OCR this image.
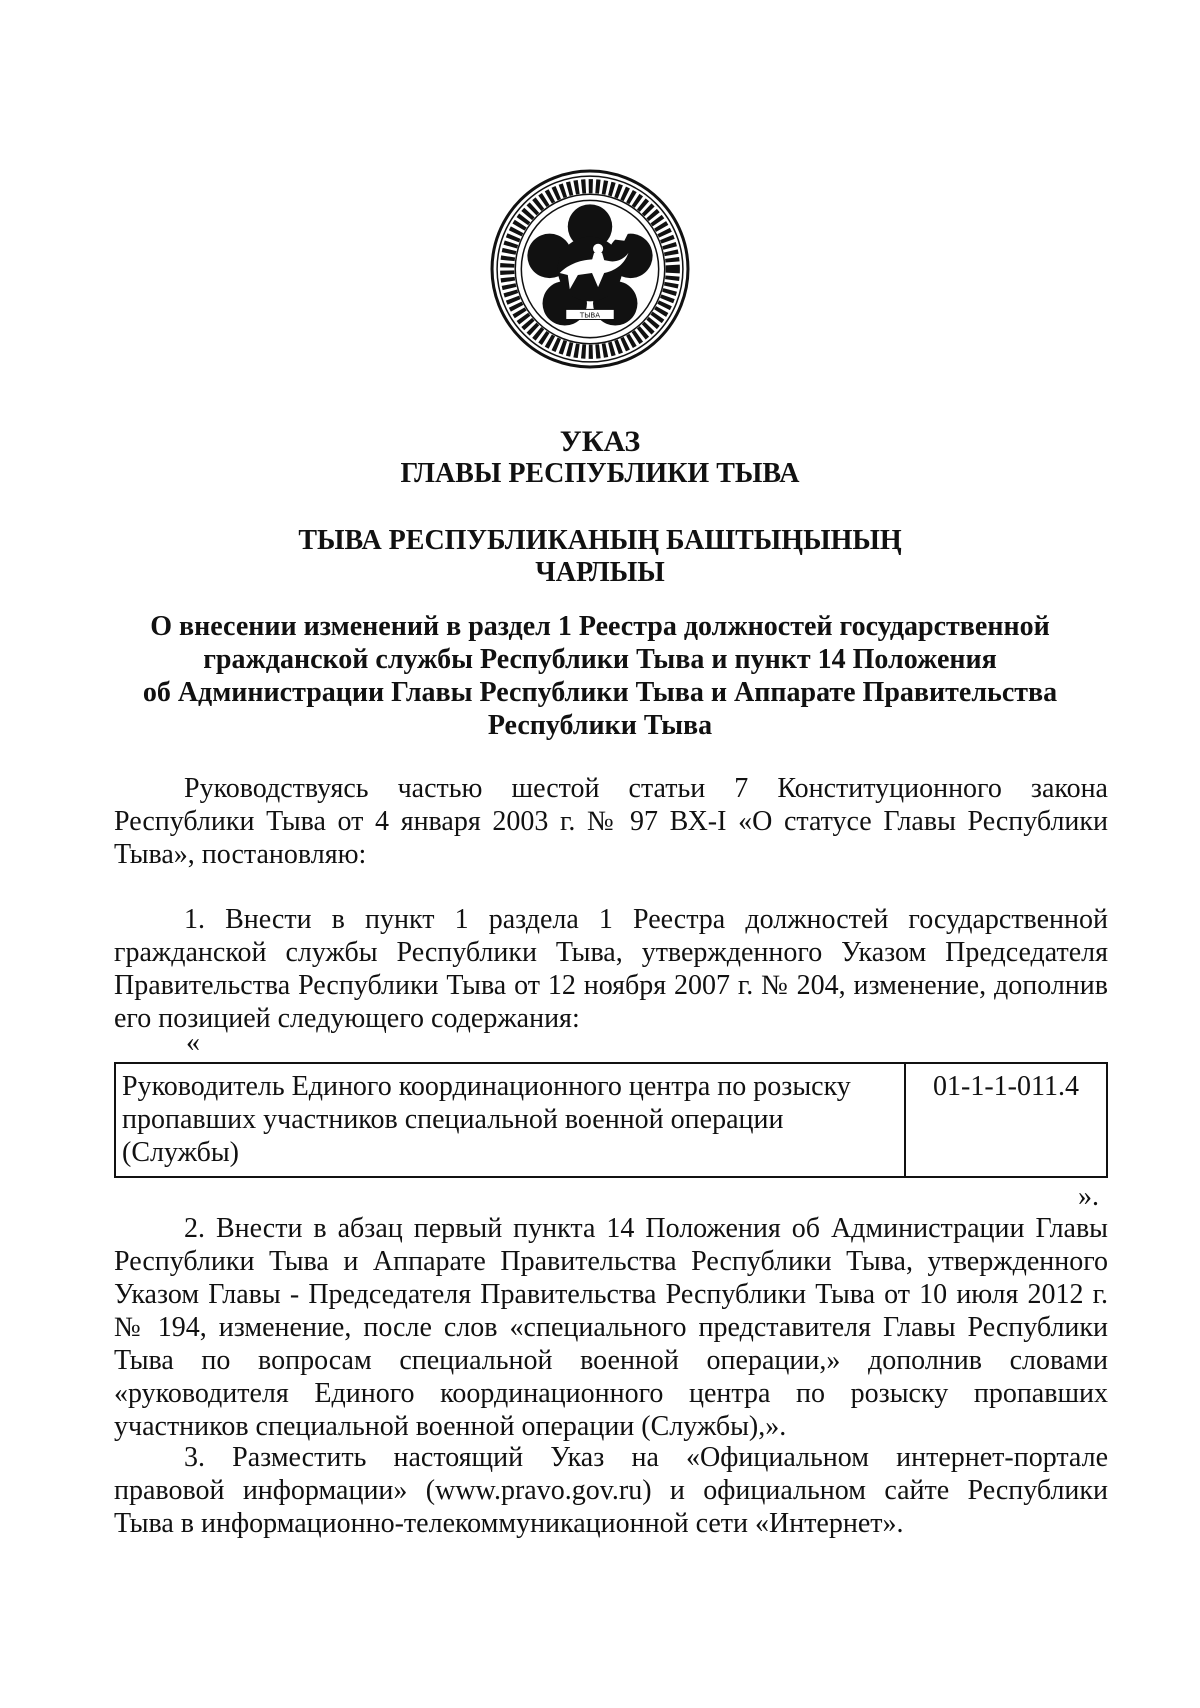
ТЫВА
УКАЗ
ГЛАВЫ РЕСПУБЛИКИ ТЫВА
ТЫВА РЕСПУБЛИКАНЫҢ БАШТЫҢЫНЫҢ
ЧАРЛЫЫ
О внесении изменений в раздел 1 Реестра должностей государственной
гражданской службы Республики Тыва и пункт 14 Положения
об Администрации Главы Республики Тыва и Аппарате Правительства
Республики Тыва
Руководствуясь частью шестой статьи 7 Конституционного закона
Республики Тыва от 4 января 2003 г. № 97 ВХ-I «О статусе Главы Республики
Тыва», постановляю:
1. Внести в пункт 1 раздела 1 Реестра должностей государственной
гражданской службы Республики Тыва, утвержденного Указом Председателя
Правительства Республики Тыва от 12 ноября 2007 г. № 204, изменение, дополнив
его позицией следующего содержания:
«
Руководитель Единого координационного центра по розыску
пропавших участников специальной военной операции
(Службы)
01-1-1-011.4
».
2. Внести в абзац первый пункта 14 Положения об Администрации Главы
Республики Тыва и Аппарате Правительства Республики Тыва, утвержденного
Указом Главы - Председателя Правительства Республики Тыва от 10 июля 2012 г.
№ 194, изменение, после слов «специального представителя Главы Республики
Тыва по вопросам специальной военной операции,» дополнив словами
«руководителя Единого координационного центра по розыску пропавших
участников специальной военной операции (Службы),».
3. Разместить настоящий Указ на «Официальном интернет-портале
правовой информации» (www.pravo.gov.ru) и официальном сайте Республики
Тыва в информационно-телекоммуникационной сети «Интернет».
